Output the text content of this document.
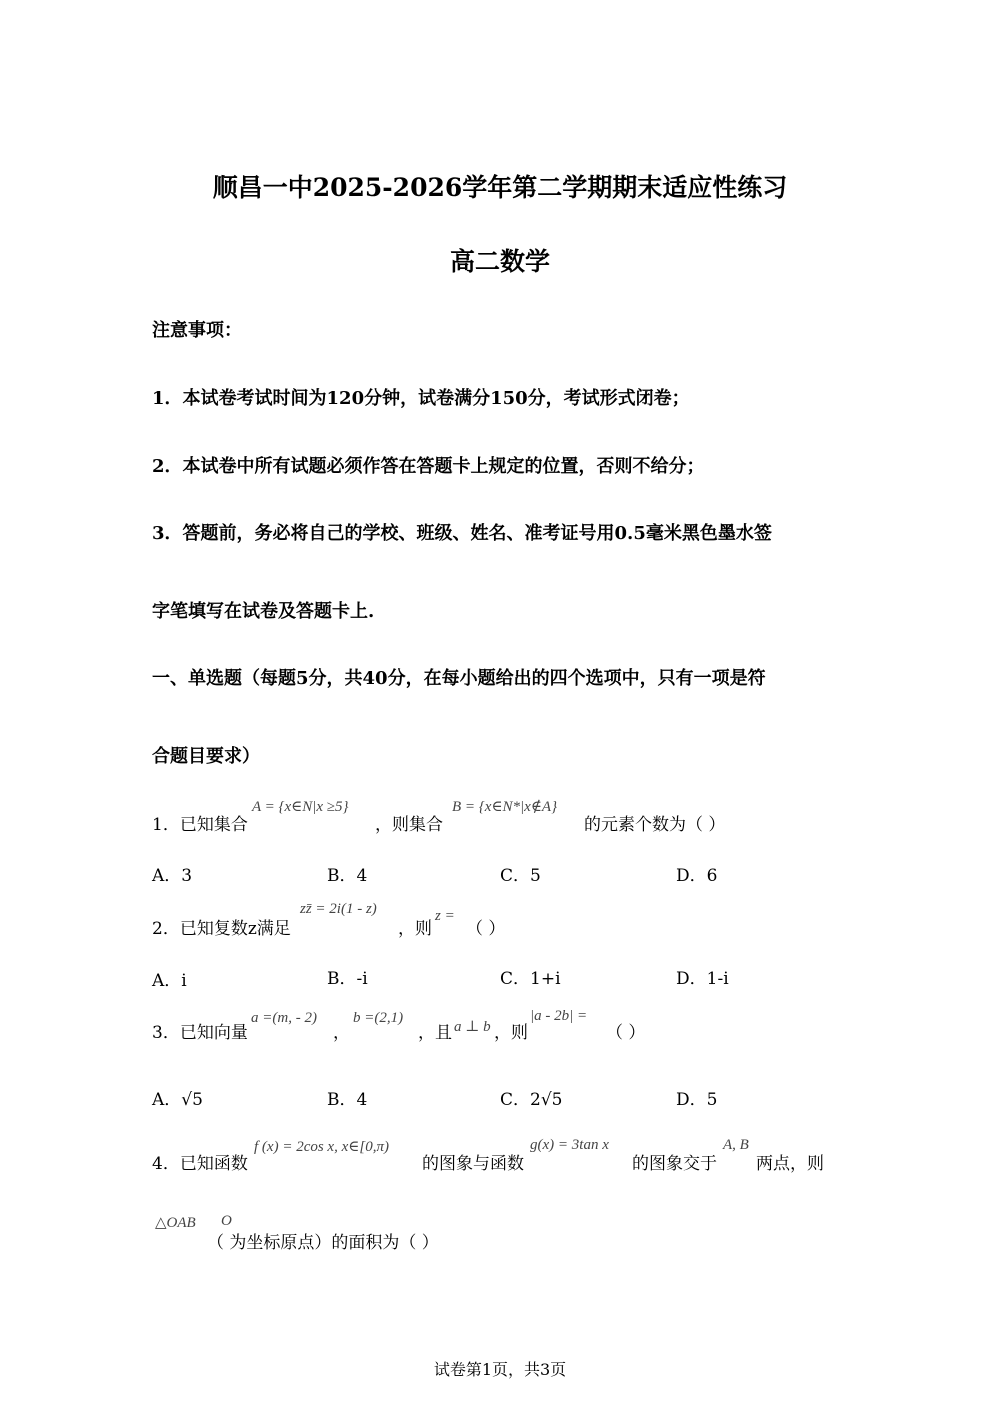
顺昌一中2025-2026学年第二学期期末适应性练习
高二数学
注意事项：
1．本试卷考试时间为120分钟，试卷满分150分，考试形式闭卷；
2．本试卷中所有试题必须作答在答题卡上规定的位置，否则不给分；
3．答题前，务必将自己的学校、班级、姓名、准考证号用0.5毫米黑色墨水签
字笔填写在试卷及答题卡上.
一、单选题（每题5分，共40分，在每小题给出的四个选项中，只有一项是符
合题目要求）
1．已知集合
A = {x∈N|x ≥5}
，则集合
B = {x∈N*|x∉A}
的元素个数为（ ）
A．3	B．4	C．5	D．6
2．已知复数z满足
zz̄ = 2i(1 - z)
，则
z =
（ ）
A．i	B．-i	C．1+i	D．1-i
3．已知向量
a =(m, - 2)
，
b =(2,1)
，且 a ⊥ b ，则
|a - 2b| =
（ ）
A．√5	B．4	C．2√5	D．5
4．已知函数
f (x) = 2cos x, x∈[0,π)
的图象与函数
g(x) = 3tan x
的图象交于
A, B
两点，则
△OAB O
（ 为坐标原点）的面积为（ ）
试卷第1页，共3页
